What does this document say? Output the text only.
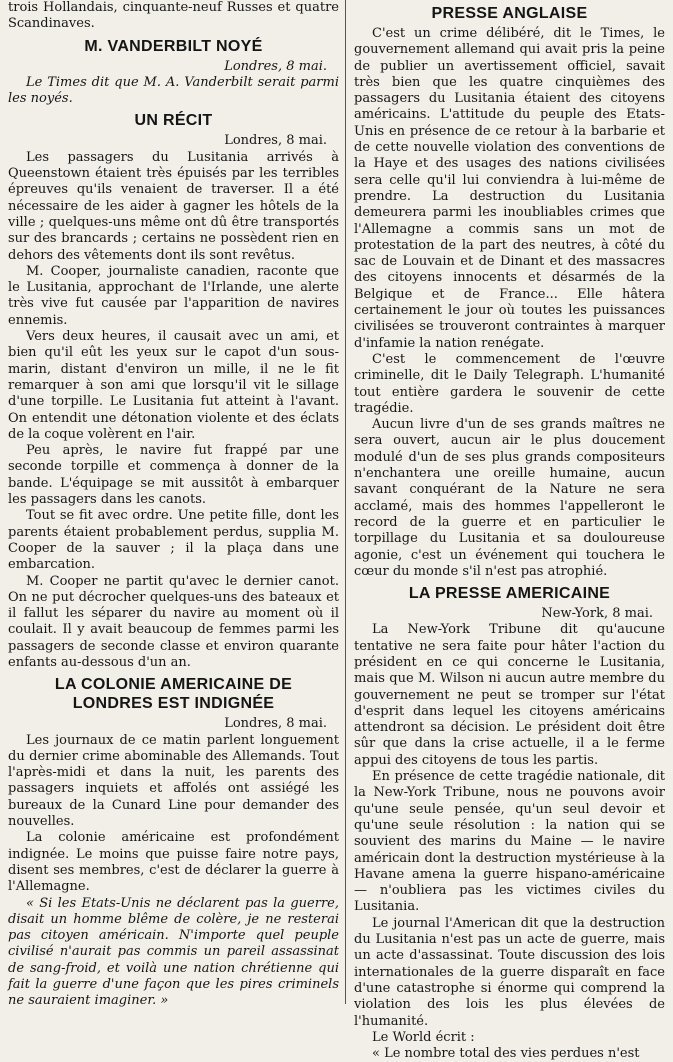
trois Hollandais, cinquante-neuf Russes et quatre Scandinaves.

M. VANDERBILT NOYÉ

Londres, 8 mai.

Le Times dit que M. A. Vanderbilt serait parmi les noyés.

UN RÉCIT

Londres, 8 mai.

Les passagers du Lusitania arrivés à Queenstown étaient très épuisés par les terribles épreuves qu'ils venaient de traverser. Il a été nécessaire de les aider à gagner les hôtels de la ville ; quelques-uns même ont dû être transportés sur des brancards ; certains ne possèdent rien en dehors des vêtements dont ils sont revêtus.

M. Cooper, journaliste canadien, raconte que le Lusitania, approchant de l'Irlande, une alerte très vive fut causée par l'apparition de navires ennemis.

Vers deux heures, il causait avec un ami, et bien qu'il eût les yeux sur le capot d'un sous-marin, distant d'environ un mille, il ne le fit remarquer à son ami que lorsqu'il vit le sillage d'une torpille. Le Lusitania fut atteint à l'avant. On entendit une détonation violente et des éclats de la coque volèrent en l'air.

Peu après, le navire fut frappé par une seconde torpille et commença à donner de la bande. L'équipage se mit aussitôt à embarquer les passagers dans les canots.

Tout se fit avec ordre. Une petite fille, dont les parents étaient probablement perdus, supplia M. Cooper de la sauver ; il la plaça dans une embarcation.

M. Cooper ne partit qu'avec le dernier canot. On ne put décrocher quelques-uns des bateaux et il fallut les séparer du navire au moment où il coulait. Il y avait beaucoup de femmes parmi les passagers de seconde classe et environ quarante enfants au-dessous d'un an.

LA COLONIE AMERICAINE DE
LONDRES EST INDIGNÉE

Londres, 8 mai.

Les journaux de ce matin parlent longuement du dernier crime abominable des Allemands. Tout l'après-midi et dans la nuit, les parents des passagers inquiets et affolés ont assiégé les bureaux de la Cunard Line pour demander des nouvelles.

La colonie américaine est profondément indignée. Le moins que puisse faire notre pays, disent ses membres, c'est de déclarer la guerre à l'Allemagne.

« Si les Etats-Unis ne déclarent pas la guerre, disait un homme blême de colère, je ne resterai pas citoyen américain. N'importe quel peuple civilisé n'aurait pas commis un pareil assassinat de sang-froid, et voilà une nation chrétienne qui fait la guerre d'une façon que les pires criminels ne sauraient imaginer. »

PRESSE ANGLAISE

C'est un crime délibéré, dit le Times, le gouvernement allemand qui avait pris la peine de publier un avertissement officiel, savait très bien que les quatre cinquièmes des passagers du Lusitania étaient des citoyens américains. L'attitude du peuple des Etats-Unis en présence de ce retour à la barbarie et de cette nouvelle violation des conventions de la Haye et des usages des nations civilisées sera celle qu'il lui conviendra à lui-même de prendre. La destruction du Lusitania demeurera parmi les inoubliables crimes que l'Allemagne a commis sans un mot de protestation de la part des neutres, à côté du sac de Louvain et de Dinant et des massacres des citoyens innocents et désarmés de la Belgique et de France... Elle hâtera certainement le jour où toutes les puissances civilisées se trouveront contraintes à marquer d'infamie la nation renégate.

C'est le commencement de l'œuvre criminelle, dit le Daily Telegraph. L'humanité tout entière gardera le souvenir de cette tragédie.

Aucun livre d'un de ses grands maîtres ne sera ouvert, aucun air le plus doucement modulé d'un de ses plus grands compositeurs n'enchantera une oreille humaine, aucun savant conquérant de la Nature ne sera acclamé, mais des hommes l'appelleront le record de la guerre et en particulier le torpillage du Lusitania et sa douloureuse agonie, c'est un événement qui touchera le cœur du monde s'il n'est pas atrophié.

LA PRESSE AMERICAINE

New-York, 8 mai.

La New-York Tribune dit qu'aucune tentative ne sera faite pour hâter l'action du président en ce qui concerne le Lusitania, mais que M. Wilson ni aucun autre membre du gouvernement ne peut se tromper sur l'état d'esprit dans lequel les citoyens américains attendront sa décision. Le président doit être sûr que dans la crise actuelle, il a le ferme appui des citoyens de tous les partis.

En présence de cette tragédie nationale, dit la New-York Tribune, nous ne pouvons avoir qu'une seule pensée, qu'un seul devoir et qu'une seule résolution : la nation qui se souvient des marins du Maine — le navire américain dont la destruction mystérieuse à la Havane amena la guerre hispano-américaine — n'oubliera pas les victimes civiles du Lusitania.

Le journal l'American dit que la destruction du Lusitania n'est pas un acte de guerre, mais un acte d'assassinat. Toute discussion des lois internationales de la guerre disparaît en face d'une catastrophe si énorme qui comprend la violation des lois les plus élevées de l'humanité.

Le World écrit :

« Le nombre total des vies perdues n'est
